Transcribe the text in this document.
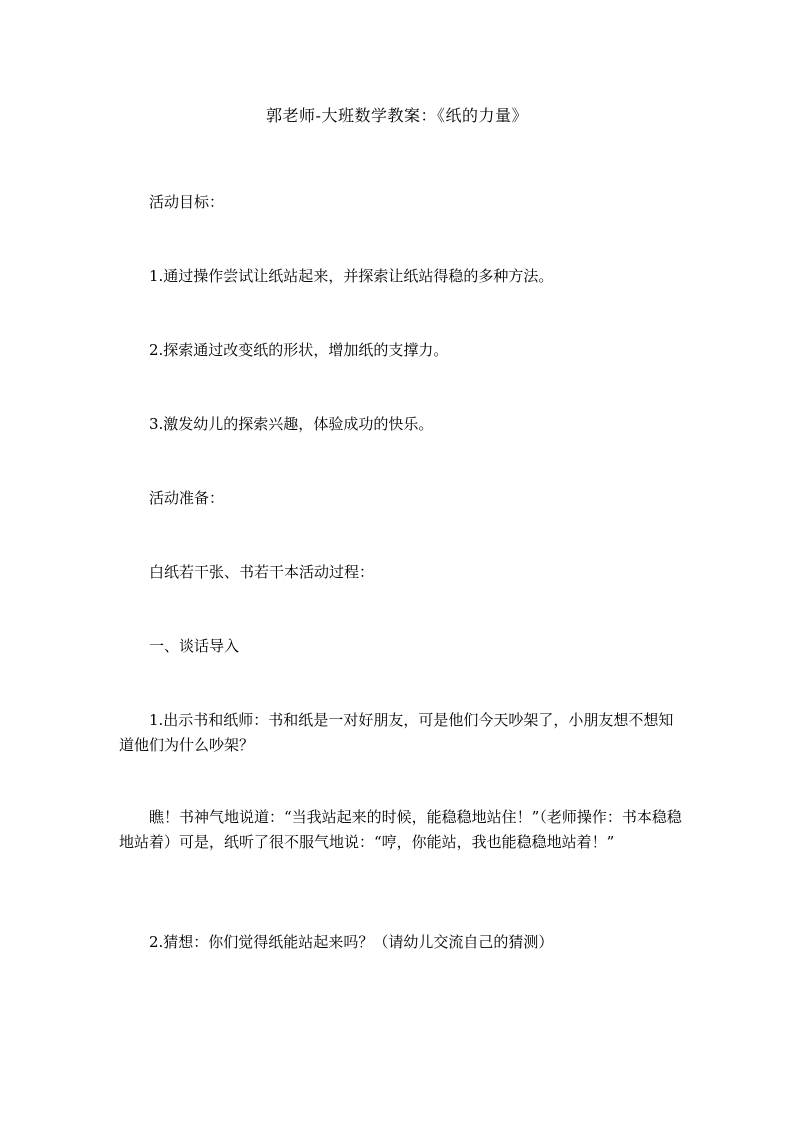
郭老师-大班数学教案：《纸的力量》

活动目标：

1.通过操作尝试让纸站起来，并探索让纸站得稳的多种方法。

2.探索通过改变纸的形状，增加纸的支撑力。

3.激发幼儿的探索兴趣，体验成功的快乐。

活动准备：

白纸若干张、书若干本活动过程：

一、谈话导入

1.出示书和纸师：书和纸是一对好朋友，可是他们今天吵架了，小朋友想不想知道他们为什么吵架？

瞧！书神气地说道：“当我站起来的时候，能稳稳地站住！”（老师操作：书本稳稳地站着）可是，纸听了很不服气地说：“哼，你能站，我也能稳稳地站着！”

2.猜想：你们觉得纸能站起来吗？（请幼儿交流自己的猜测）
